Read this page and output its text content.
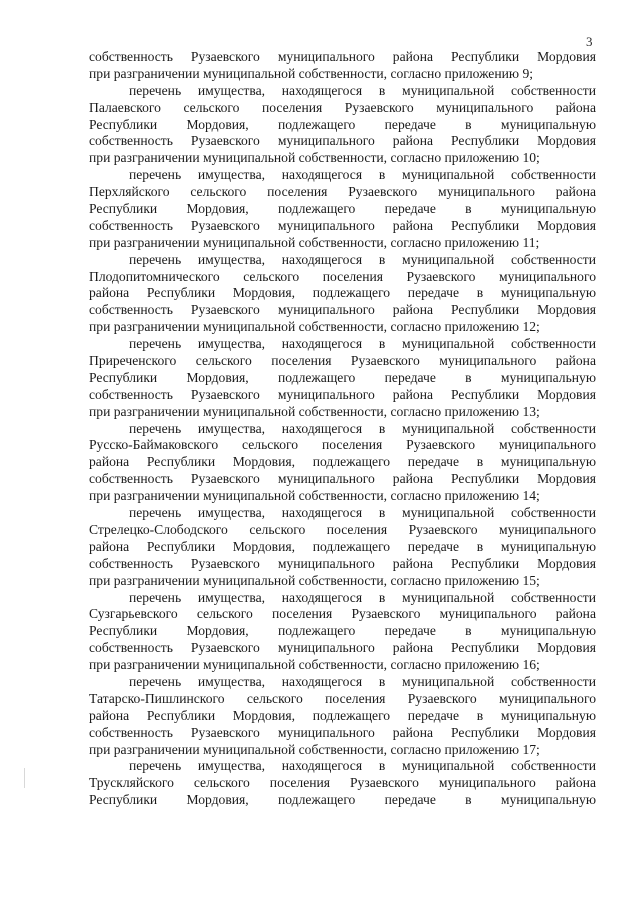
3
собственность Рузаевского муниципального района Республики Мордовия
при разграничении муниципальной собственности, согласно приложению 9;
перечень имущества, находящегося в муниципальной собственности
Палаевского сельского поселения Рузаевского муниципального района
Республики Мордовия, подлежащего передаче в муниципальную
собственность Рузаевского муниципального района Республики Мордовия
при разграничении муниципальной собственности, согласно приложению 10;
перечень имущества, находящегося в муниципальной собственности
Перхляйского сельского поселения Рузаевского муниципального района
Республики Мордовия, подлежащего передаче в муниципальную
собственность Рузаевского муниципального района Республики Мордовия
при разграничении муниципальной собственности, согласно приложению 11;
перечень имущества, находящегося в муниципальной собственности
Плодопитомнического сельского поселения Рузаевского муниципального
района Республики Мордовия, подлежащего передаче в муниципальную
собственность Рузаевского муниципального района Республики Мордовия
при разграничении муниципальной собственности, согласно приложению 12;
перечень имущества, находящегося в муниципальной собственности
Приреченского сельского поселения Рузаевского муниципального района
Республики Мордовия, подлежащего передаче в муниципальную
собственность Рузаевского муниципального района Республики Мордовия
при разграничении муниципальной собственности, согласно приложению 13;
перечень имущества, находящегося в муниципальной собственности
Русско-Баймаковского сельского поселения Рузаевского муниципального
района Республики Мордовия, подлежащего передаче в муниципальную
собственность Рузаевского муниципального района Республики Мордовия
при разграничении муниципальной собственности, согласно приложению 14;
перечень имущества, находящегося в муниципальной собственности
Стрелецко-Слободского сельского поселения Рузаевского муниципального
района Республики Мордовия, подлежащего передаче в муниципальную
собственность Рузаевского муниципального района Республики Мордовия
при разграничении муниципальной собственности, согласно приложению 15;
перечень имущества, находящегося в муниципальной собственности
Сузгарьевского сельского поселения Рузаевского муниципального района
Республики Мордовия, подлежащего передаче в муниципальную
собственность Рузаевского муниципального района Республики Мордовия
при разграничении муниципальной собственности, согласно приложению 16;
перечень имущества, находящегося в муниципальной собственности
Татарско-Пишлинского сельского поселения Рузаевского муниципального
района Республики Мордовия, подлежащего передаче в муниципальную
собственность Рузаевского муниципального района Республики Мордовия
при разграничении муниципальной собственности, согласно приложению 17;
перечень имущества, находящегося в муниципальной собственности
Трускляйского сельского поселения Рузаевского муниципального района
Республики Мордовия, подлежащего передаче в муниципальную
